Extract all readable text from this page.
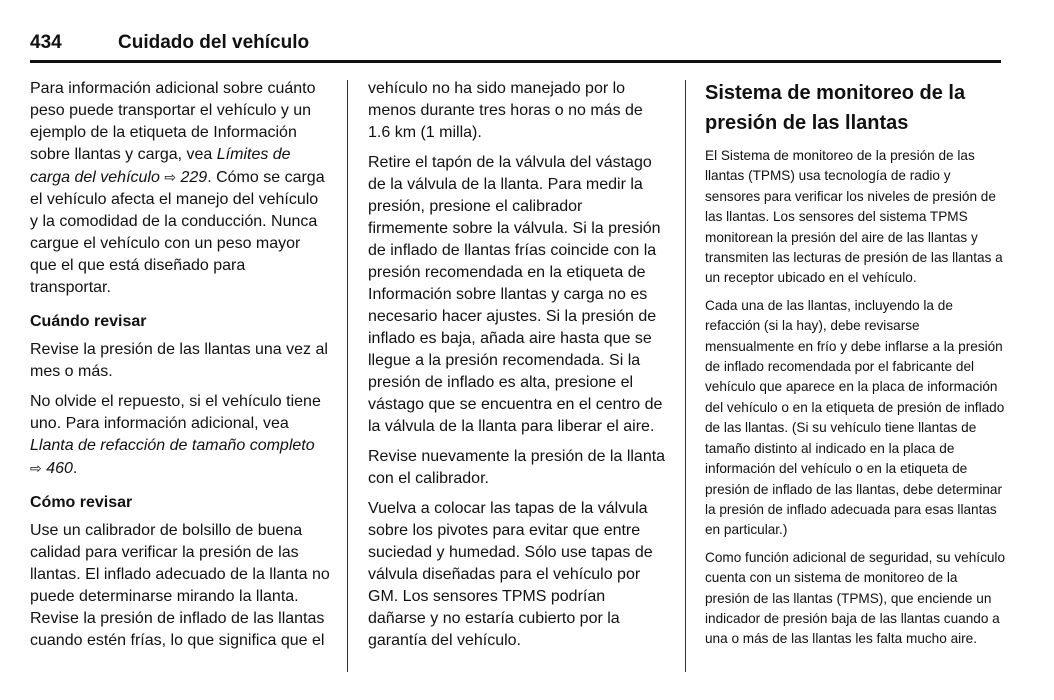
434	Cuidado del vehículo

Para información adicional sobre cuánto peso puede transportar el vehículo y un ejemplo de la etiqueta de Información sobre llantas y carga, vea Límites de carga del vehículo ⇨ 229. Cómo se carga el vehículo afecta el manejo del vehículo y la comodidad de la conducción. Nunca cargue el vehículo con un peso mayor que el que está diseñado para transportar.

Cuándo revisar

Revise la presión de las llantas una vez al mes o más.

No olvide el repuesto, si el vehículo tiene uno. Para información adicional, vea Llanta de refacción de tamaño completo
⇨ 460.

Cómo revisar

Use un calibrador de bolsillo de buena calidad para verificar la presión de las llantas. El inflado adecuado de la llanta no puede determinarse mirando la llanta. Revise la presión de inflado de las llantas cuando estén frías, lo que significa que el

vehículo no ha sido manejado por lo menos durante tres horas o no más de 1.6 km (1 milla).

Retire el tapón de la válvula del vástago de la válvula de la llanta. Para medir la presión, presione el calibrador firmemente sobre la válvula. Si la presión de inflado de llantas frías coincide con la presión recomendada en la etiqueta de Información sobre llantas y carga no es necesario hacer ajustes. Si la presión de inflado es baja, añada aire hasta que se llegue a la presión recomendada. Si la presión de inflado es alta, presione el vástago que se encuentra en el centro de la válvula de la llanta para liberar el aire.

Revise nuevamente la presión de la llanta con el calibrador.

Vuelva a colocar las tapas de la válvula sobre los pivotes para evitar que entre suciedad y humedad. Sólo use tapas de válvula diseñadas para el vehículo por GM. Los sensores TPMS podrían dañarse y no estaría cubierto por la garantía del vehículo.

Sistema de monitoreo de la presión de las llantas

El Sistema de monitoreo de la presión de las llantas (TPMS) usa tecnología de radio y sensores para verificar los niveles de presión de las llantas. Los sensores del sistema TPMS monitorean la presión del aire de las llantas y transmiten las lecturas de presión de las llantas a un receptor ubicado en el vehículo.

Cada una de las llantas, incluyendo la de refacción (si la hay), debe revisarse mensualmente en frío y debe inflarse a la presión de inflado recomendada por el fabricante del vehículo que aparece en la placa de información del vehículo o en la etiqueta de presión de inflado de las llantas. (Si su vehículo tiene llantas de tamaño distinto al indicado en la placa de información del vehículo o en la etiqueta de presión de inflado de las llantas, debe determinar la presión de inflado adecuada para esas llantas en particular.)

Como función adicional de seguridad, su vehículo cuenta con un sistema de monitoreo de la presión de las llantas (TPMS), que enciende un indicador de presión baja de las llantas cuando a una o más de las llantas les falta mucho aire.
